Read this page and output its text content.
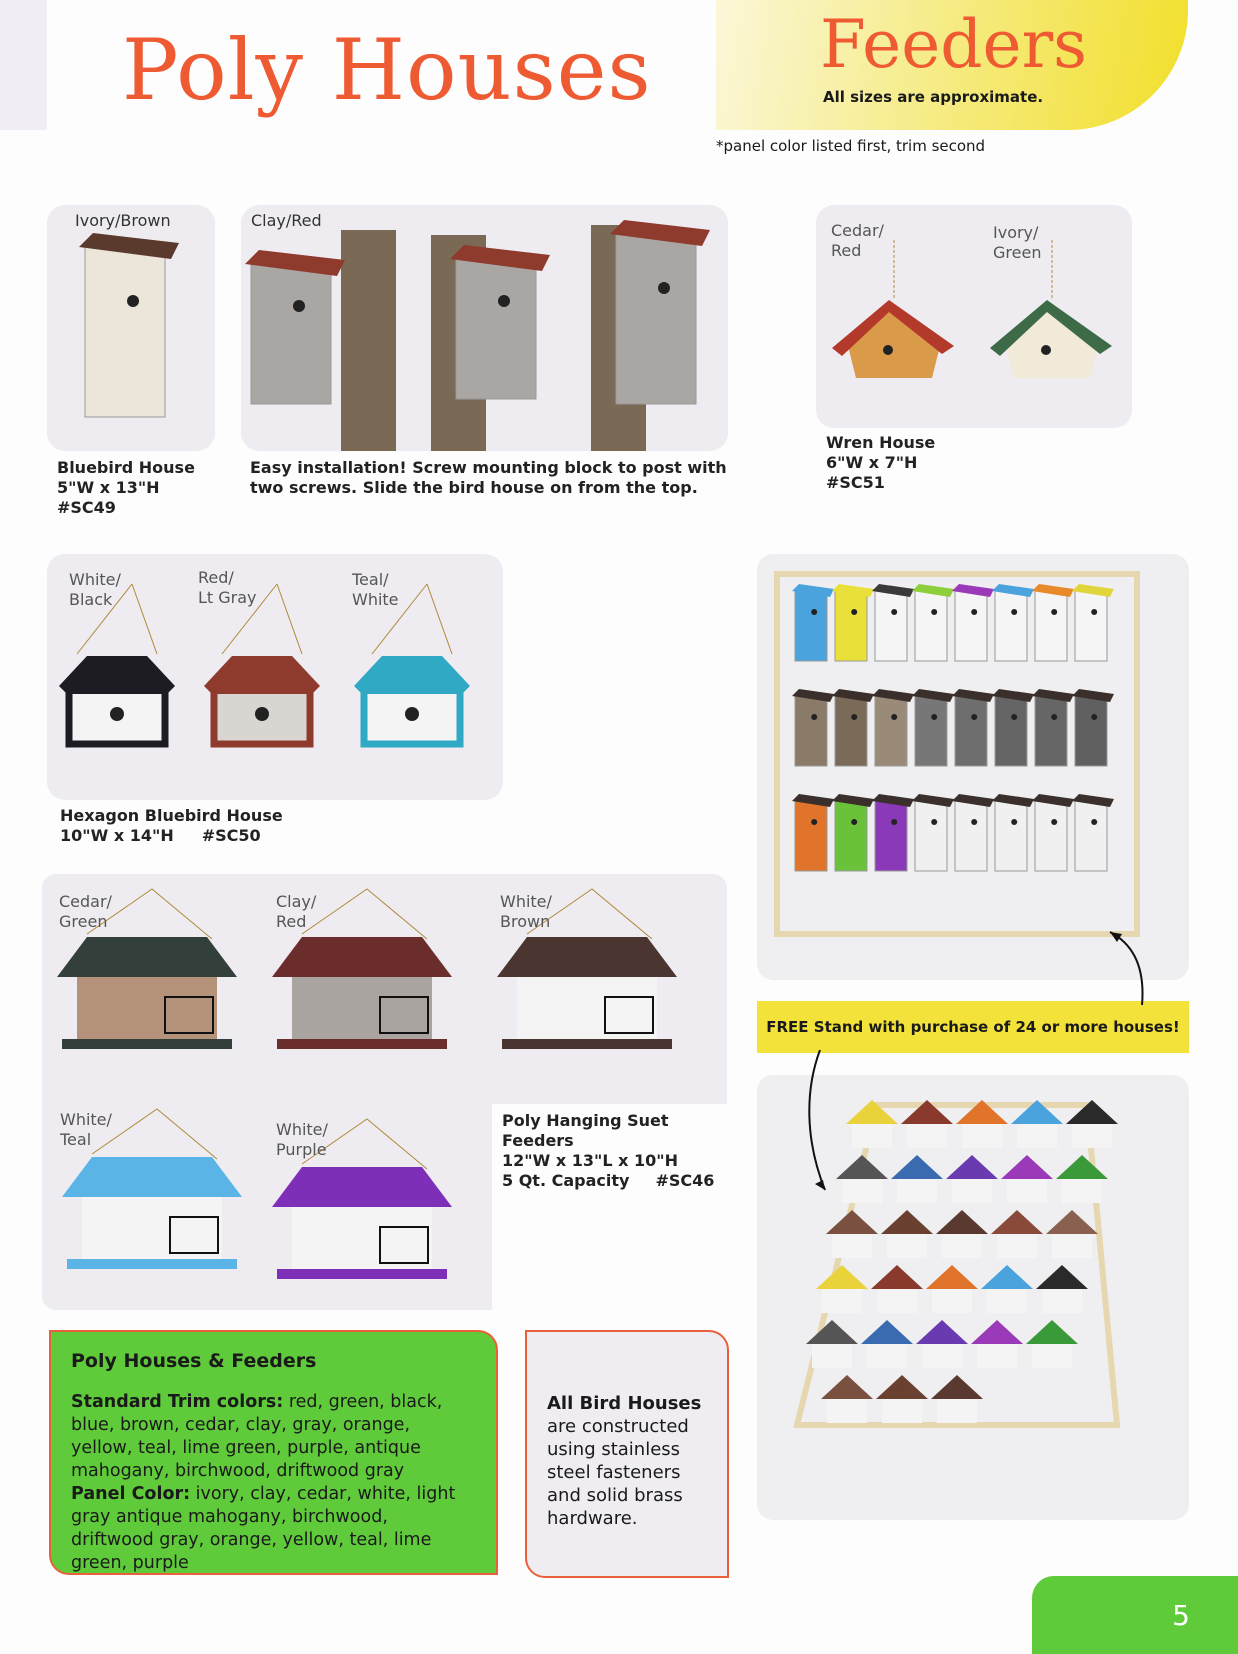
Poly Houses	Feeders
All sizes are approximate.
*panel color listed first, trim second
Ivory/Brown
Bluebird House
5"W x 13"H
#SC49
Clay/Red
Easy installation! Screw mounting block to post with two screws. Slide the bird house on from the top.
Cedar/
Red
Ivory/
Green
Wren House
6"W x 7"H
#SC51
White/
Black
Red/
Lt Gray
Teal/
White
Hexagon Bluebird House
10"W x 14"H #SC50
Cedar/
Green
Clay/
Red
White/
Brown
White/
Teal
White/
Purple
Poly Hanging Suet Feeders
12"W x 13"L x 10"H
5 Qt. Capacity #SC46
FREE Stand with purchase of 24 or more houses!
Poly Houses & Feeders
Standard Trim colors: red, green, black, blue, brown, cedar, clay, gray, orange, yellow, teal, lime green, purple, antique mahogany, birchwood, driftwood gray
Panel Color: ivory, clay, cedar, white, light gray antique mahogany, birchwood, driftwood gray, orange, yellow, teal, lime green, purple
All Bird Houses
are constructed using stainless steel fasteners and solid brass hardware.
5
